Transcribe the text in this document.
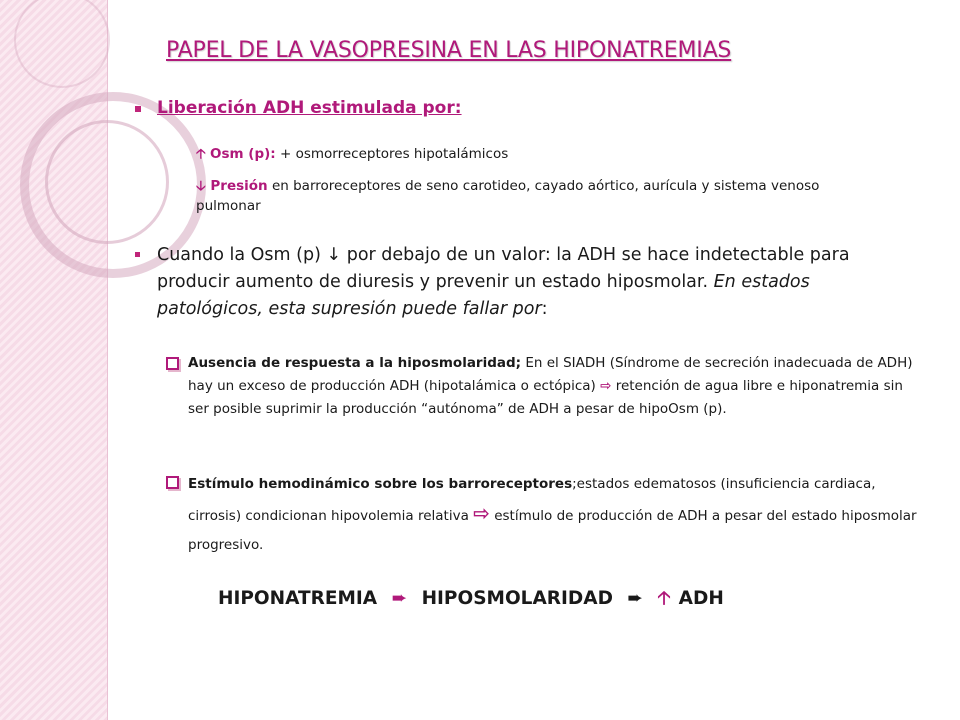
PAPEL DE LA VASOPRESINA EN LAS HIPONATREMIAS
Liberación ADH estimulada por:
🡡 Osm (p): + osmorreceptores hipotalámicos
🡣 Presión en barroreceptores de seno carotideo, cayado aórtico, aurícula y sistema venoso pulmonar
Cuando la Osm (p) ↓ por debajo de un valor: la ADH se hace indetectable para producir aumento de diuresis y prevenir un estado hiposmolar. En estados patológicos, esta supresión puede fallar por:
Ausencia de respuesta a la hiposmolaridad; En el SIADH (Síndrome de secreción inadecuada de ADH) hay un exceso de producción ADH (hipotalámica o ectópica) ⇨ retención de agua libre e hiponatremia sin ser posible suprimir la producción “autónoma” de ADH a pesar de hipoOsm (p).
Estímulo hemodinámico sobre los barroreceptores;estados edematosos (insuficiencia cardiaca, cirrosis) condicionan hipovolemia relativa ⇨ estímulo de producción de ADH a pesar del estado hiposmolar progresivo.
HIPONATREMIA ➨ HIPOSMOLARIDAD ➨ 🡡 ADH
